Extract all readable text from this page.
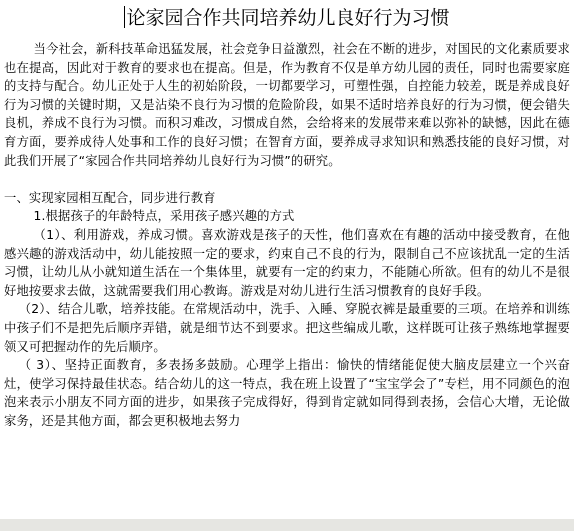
论家园合作共同培养幼儿良好行为习惯

当今社会，新科技革命迅猛发展，社会竞争日益激烈，社会在不断的进步，对国民的文化素质要求也在提高，因此对于教育的要求也在提高。但是，作为教育不仅是单方幼儿园的责任，同时也需要家庭的支持与配合。幼儿正处于人生的初始阶段，一切都要学习，可塑性强，自控能力较差，既是养成良好行为习惯的关键时期，又是沾染不良行为习惯的危险阶段，如果不适时培养良好的行为习惯，便会错失良机，养成不良行为习惯。而积习难改，习惯成自然，会给将来的发展带来难以弥补的缺憾，因此在德育方面，要养成待人处事和工作的良好习惯；在智育方面，要养成寻求知识和熟悉技能的良好习惯，对此我们开展了“家园合作共同培养幼儿良好行为习惯”的研究。

一、实现家园相互配合，同步进行教育

1.根据孩子的年龄特点，采用孩子感兴趣的方式

（1）、利用游戏，养成习惯。喜欢游戏是孩子的天性，他们喜欢在有趣的活动中接受教育，在他感兴趣的游戏活动中，幼儿能按照一定的要求，约束自己不良的行为，限制自己不应该扰乱一定的生活习惯，让幼儿从小就知道生活在一个集体里，就要有一定的约束力，不能随心所欲。但有的幼儿不是很好地按要求去做，这就需要我们用心教诲。游戏是对幼儿进行生活习惯教育的良好手段。

（2）、结合儿歌，培养技能。在常规活动中，洗手、入睡、穿脱衣裤是最重要的三项。在培养和训练中孩子们不是把先后顺序弄错，就是细节达不到要求。把这些编成儿歌，这样既可让孩子熟练地掌握要领又可把握动作的先后顺序。

（ 3）、坚持正面教育，多表扬多鼓励。心理学上指出：愉快的情绪能促使大脑皮层建立一个兴奋灶，使学习保持最佳状态。结合幼儿的这一特点，我在班上设置了“宝宝学会了”专栏，用不同颜色的泡泡来表示小朋友不同方面的进步，如果孩子完成得好，得到肯定就如同得到表扬，会信心大增，无论做家务，还是其他方面，都会更积极地去努力
